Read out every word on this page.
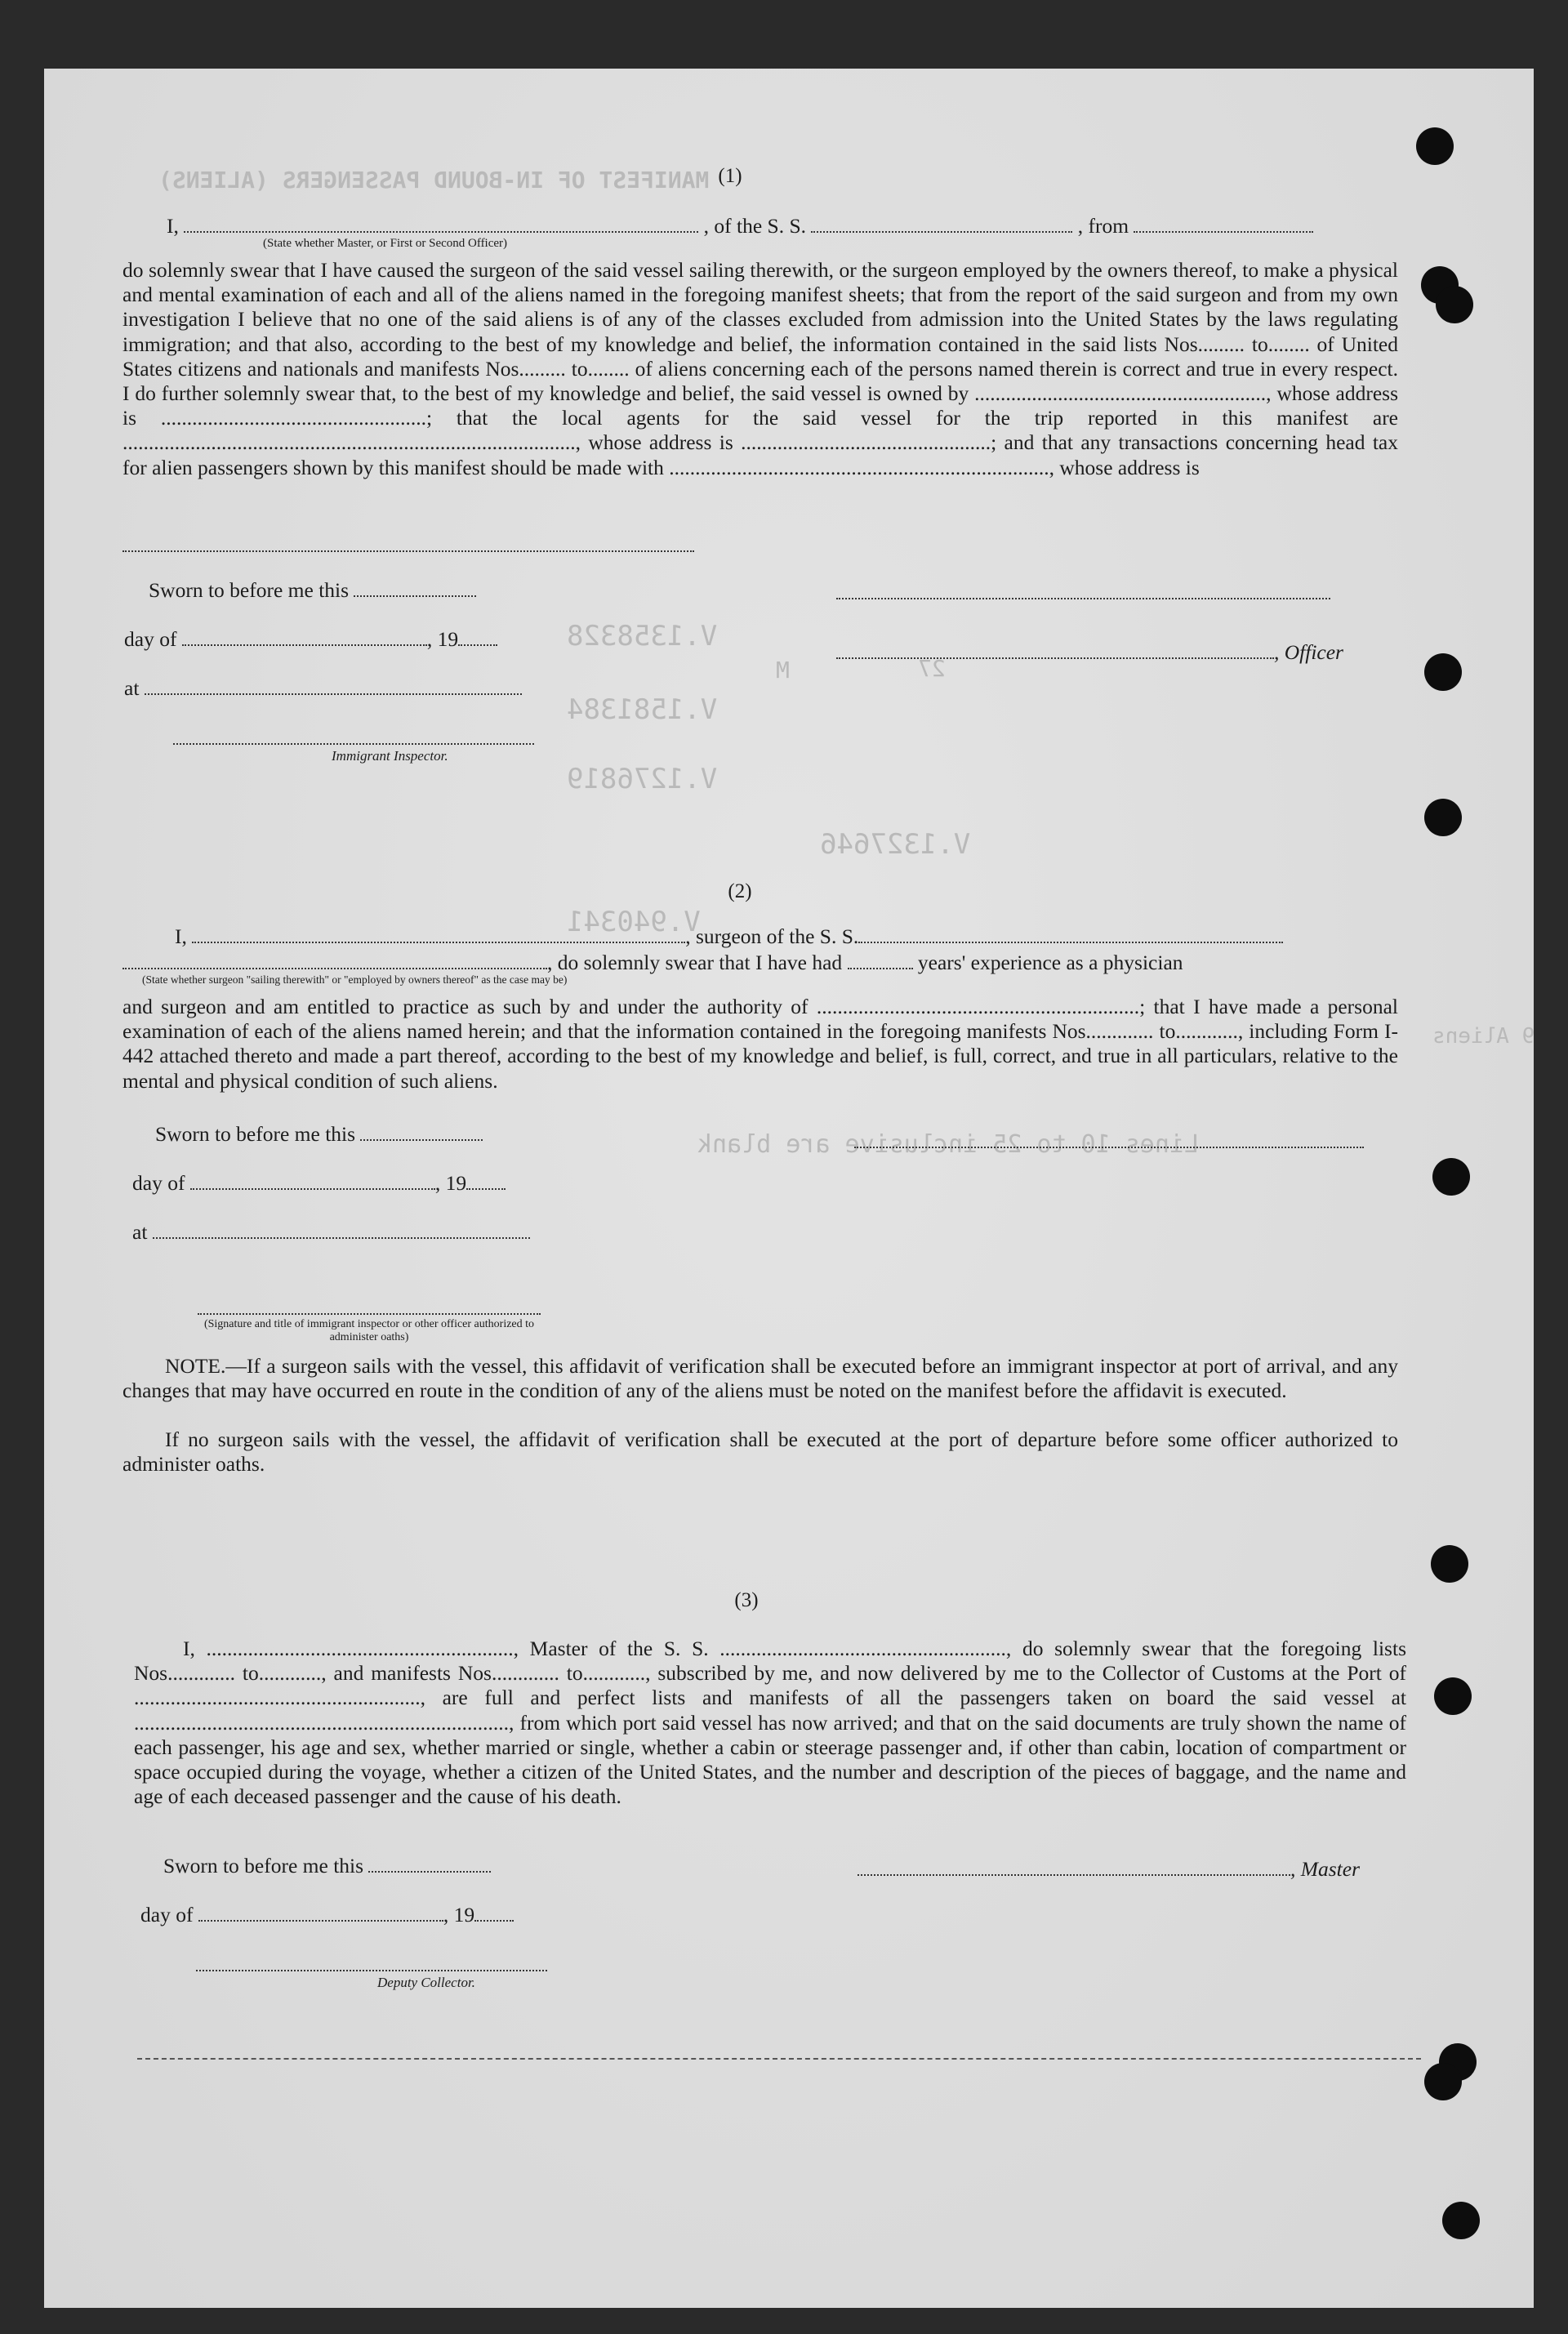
MANIFEST OF IN-BOUND PASSENGERS (ALIENS)
V.1358328
V.1581384
V.1276819
V.1327646
V.940341
M	27
Lines 10 to 25 inclusive are blank
9 Aliens
(1)
I,	, of the S. S.	, from
(State whether Master, or First or Second Officer)
do solemnly swear that I have caused the surgeon of the said vessel sailing therewith, or the surgeon employed by the owners thereof, to make a physical and mental examination of each and all of the aliens named in the foregoing manifest sheets; that from the report of the said surgeon and from my own investigation I believe that no one of the said aliens is of any of the classes excluded from admission into the United States by the laws regulating immigration; and that also, according to the best of my knowledge and belief, the information contained in the said lists Nos......... to........ of United States citizens and nationals and manifests Nos......... to........ of aliens concerning each of the persons named therein is correct and true in every respect. I do further solemnly swear that, to the best of my knowledge and belief, the said vessel is owned by ........................................................, whose address is ...................................................; that the local agents for the said vessel for the trip reported in this manifest are ......................................................................................., whose address is ................................................; and that any transactions concerning head tax for alien passengers shown by this manifest should be made with ........................................................................., whose address is
Sworn to before me this
day of	, 19
, Officer
at
Immigrant Inspector.
(2)
I,	, surgeon of the S. S.
, do solemnly swear that I have had	years' experience as a physician
(State whether surgeon "sailing therewith" or "employed by owners thereof" as the case may be)
and surgeon and am entitled to practice as such by and under the authority of ..............................................................; that I have made a personal examination of each of the aliens named herein; and that the information contained in the foregoing manifests Nos............. to............, including Form I-442 attached thereto and made a part thereof, according to the best of my knowledge and belief, is full, correct, and true in all particulars, relative to the mental and physical condition of such aliens.
Sworn to before me this
day of	, 19
at
(Signature and title of immigrant inspector or other officer authorized to administer oaths)
NOTE.—If a surgeon sails with the vessel, this affidavit of verification shall be executed before an immigrant inspector at port of arrival, and any changes that may have occurred en route in the condition of any of the aliens must be noted on the manifest before the affidavit is executed.
If no surgeon sails with the vessel, the affidavit of verification shall be executed at the port of departure before some officer authorized to administer oaths.
(3)
I, ..........................................................., Master of the S. S. ......................................................., do solemnly swear that the foregoing lists Nos............. to............, and manifests Nos............. to............, subscribed by me, and now delivered by me to the Collector of Customs at the Port of ......................................................., are full and perfect lists and manifests of all the passengers taken on board the said vessel at ........................................................................, from which port said vessel has now arrived; and that on the said documents are truly shown the name of each passenger, his age and sex, whether married or single, whether a cabin or steerage passenger and, if other than cabin, location of compartment or space occupied during the voyage, whether a citizen of the United States, and the number and description of the pieces of baggage, and the name and age of each deceased passenger and the cause of his death.
Sworn to before me this	, Master
day of	, 19
Deputy Collector.
